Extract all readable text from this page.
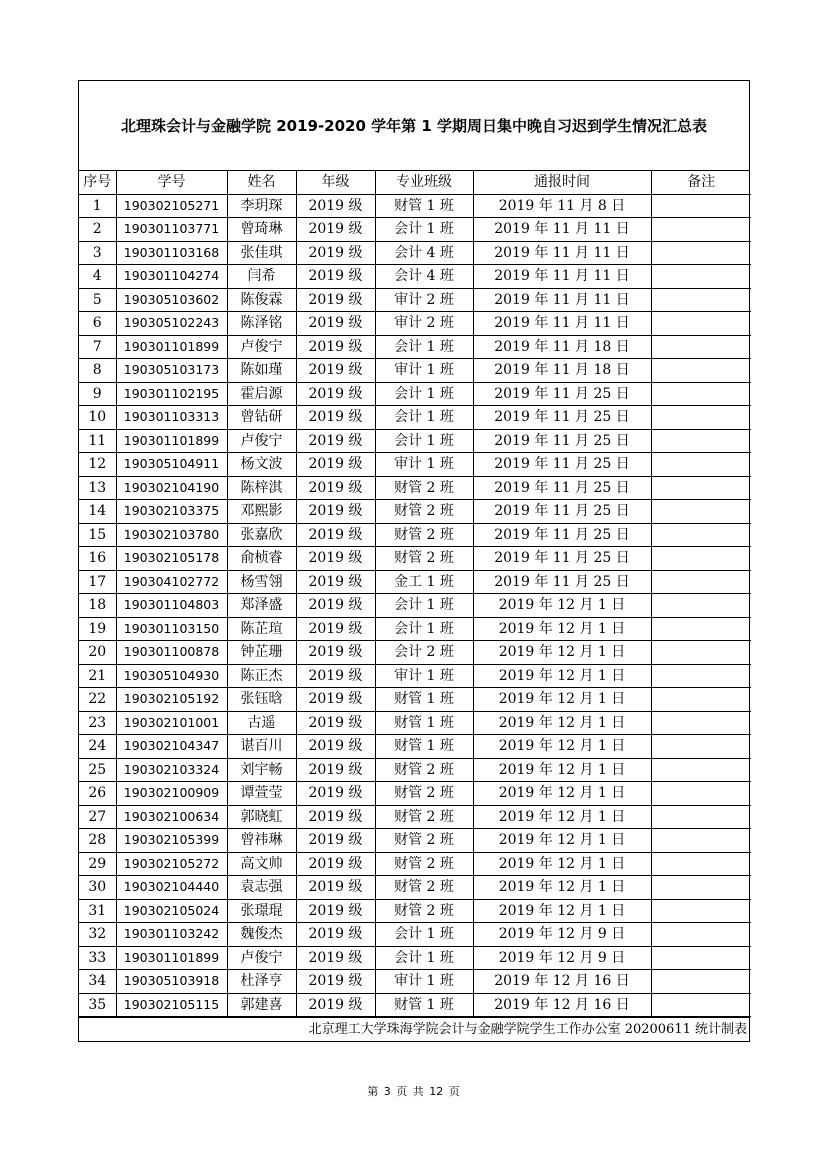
北理珠会计与金融学院 2019-2020 学年第 1 学期周日集中晚自习迟到学生情况汇总表
序号	学号	姓名	年级	专业班级	通报时间	备注
1	190302105271	李玥琛	2019 级	财管 1 班	2019 年 11 月 8 日	
2	190301103771	曾琦琳	2019 级	会计 1 班	2019 年 11 月 11 日	
3	190301103168	张佳琪	2019 级	会计 4 班	2019 年 11 月 11 日	
4	190301104274	闫希	2019 级	会计 4 班	2019 年 11 月 11 日	
5	190305103602	陈俊霖	2019 级	审计 2 班	2019 年 11 月 11 日	
6	190305102243	陈泽铭	2019 级	审计 2 班	2019 年 11 月 11 日	
7	190301101899	卢俊宁	2019 级	会计 1 班	2019 年 11 月 18 日	
8	190305103173	陈如瑾	2019 级	审计 1 班	2019 年 11 月 18 日	
9	190301102195	霍启源	2019 级	会计 1 班	2019 年 11 月 25 日	
10	190301103313	曾钻研	2019 级	会计 1 班	2019 年 11 月 25 日	
11	190301101899	卢俊宁	2019 级	会计 1 班	2019 年 11 月 25 日	
12	190305104911	杨文波	2019 级	审计 1 班	2019 年 11 月 25 日	
13	190302104190	陈梓淇	2019 级	财管 2 班	2019 年 11 月 25 日	
14	190302103375	邓熙影	2019 级	财管 2 班	2019 年 11 月 25 日	
15	190302103780	张嘉欣	2019 级	财管 2 班	2019 年 11 月 25 日	
16	190302105178	俞桢睿	2019 级	财管 2 班	2019 年 11 月 25 日	
17	190304102772	杨雪翎	2019 级	金工 1 班	2019 年 11 月 25 日	
18	190301104803	郑泽盛	2019 级	会计 1 班	2019 年 12 月 1 日	
19	190301103150	陈芷瑄	2019 级	会计 1 班	2019 年 12 月 1 日	
20	190301100878	钟芷珊	2019 级	会计 2 班	2019 年 12 月 1 日	
21	190305104930	陈正杰	2019 级	审计 1 班	2019 年 12 月 1 日	
22	190302105192	张钰晗	2019 级	财管 1 班	2019 年 12 月 1 日	
23	190302101001	古遥	2019 级	财管 1 班	2019 年 12 月 1 日	
24	190302104347	谌百川	2019 级	财管 1 班	2019 年 12 月 1 日	
25	190302103324	刘宇畅	2019 级	财管 2 班	2019 年 12 月 1 日	
26	190302100909	谭萱莹	2019 级	财管 2 班	2019 年 12 月 1 日	
27	190302100634	郭晓虹	2019 级	财管 2 班	2019 年 12 月 1 日	
28	190302105399	曾祎琳	2019 级	财管 2 班	2019 年 12 月 1 日	
29	190302105272	高文帅	2019 级	财管 2 班	2019 年 12 月 1 日	
30	190302104440	袁志强	2019 级	财管 2 班	2019 年 12 月 1 日	
31	190302105024	张璟琨	2019 级	财管 2 班	2019 年 12 月 1 日	
32	190301103242	魏俊杰	2019 级	会计 1 班	2019 年 12 月 9 日	
33	190301101899	卢俊宁	2019 级	会计 1 班	2019 年 12 月 9 日	
34	190305103918	杜泽亨	2019 级	审计 1 班	2019 年 12 月 16 日	
35	190302105115	郭建喜	2019 级	财管 1 班	2019 年 12 月 16 日	
北京理工大学珠海学院会计与金融学院学生工作办公室 20200611 统计制表
第 3 页 共 12 页
